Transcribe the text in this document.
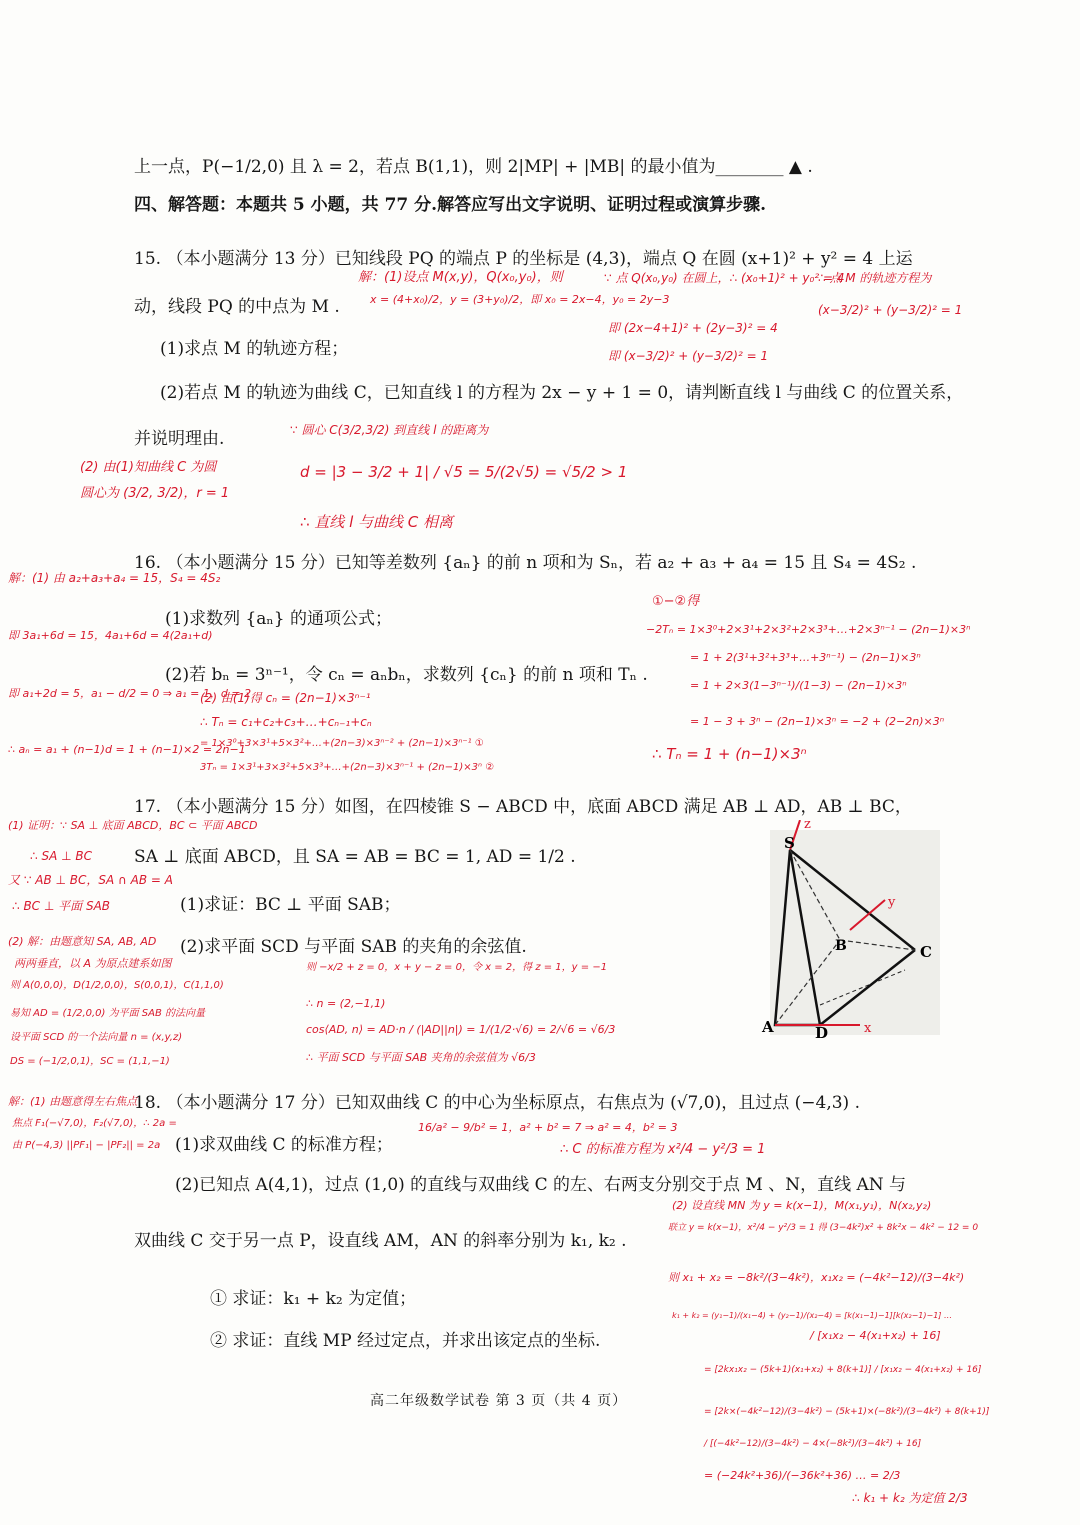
上一点，P(−1/2,0) 且 λ = 2，若点 B(1,1)，则 2|MP| + |MB| 的最小值为________ ▲ .
四、解答题：本题共 5 小题，共 77 分.解答应写出文字说明、证明过程或演算步骤.
15. （本小题满分 13 分）已知线段 PQ 的端点 P 的坐标是 (4,3)，端点 Q 在圆 (x+1)² + y² = 4 上运
动，线段 PQ 的中点为 M .
(1)求点 M 的轨迹方程；
(2)若点 M 的轨迹为曲线 C，已知直线 l 的方程为 2x − y + 1 = 0，请判断直线 l 与曲线 C 的位置关系，
并说明理由.
16. （本小题满分 15 分）已知等差数列 {aₙ} 的前 n 项和为 Sₙ，若 a₂ + a₃ + a₄ = 15 且 S₄ = 4S₂ .
(1)求数列 {aₙ} 的通项公式；
(2)若 bₙ = 3ⁿ⁻¹，令 cₙ = aₙbₙ，求数列 {cₙ} 的前 n 项和 Tₙ .
17. （本小题满分 15 分）如图，在四棱锥 S − ABCD 中，底面 ABCD 满足 AB ⊥ AD，AB ⊥ BC，
SA ⊥ 底面 ABCD，且 SA = AB = BC = 1, AD = 1/2 .
(1)求证：BC ⊥ 平面 SAB；
(2)求平面 SCD 与平面 SAB 的夹角的余弦值.
S
A
B	C
D
z
y
x
18. （本小题满分 17 分）已知双曲线 C 的中心为坐标原点，右焦点为 (√7,0)，且过点 (−4,3) .
(1)求双曲线 C 的标准方程；
(2)已知点 A(4,1)，过点 (1,0) 的直线与双曲线 C 的左、右两支分别交于点 M 、N，直线 AN 与
双曲线 C 交于另一点 P，设直线 AM，AN 的斜率分别为 k₁, k₂ .
① 求证：k₁ + k₂ 为定值；
② 求证：直线 MP 经过定点，并求出该定点的坐标.
高二年级数学试卷 第 3 页（共 4 页）
解：(1)设点 M(x,y)，Q(x₀,y₀)，则
x = (4+x₀)/2，y = (3+y₀)/2，即 x₀ = 2x−4，y₀ = 2y−3
∵ 点 Q(x₀,y₀) 在圆上，∴ (x₀+1)² + y₀² = 4
即 (2x−4+1)² + (2y−3)² = 4
即 (x−3/2)² + (y−3/2)² = 1
∴ 点 M 的轨迹方程为
(x−3/2)² + (y−3/2)² = 1
(2) 由(1)知曲线 C 为圆
圆心为 (3/2, 3/2)，r = 1
∵ 圆心 C(3/2,3/2) 到直线 l 的距离为
d = |3 − 3/2 + 1| / √5 = 5/(2√5) = √5/2 > 1
∴ 直线 l 与曲线 C 相离
解：(1) 由 a₂+a₃+a₄ = 15，S₄ = 4S₂
即 3a₁+6d = 15，4a₁+6d = 4(2a₁+d)
即 a₁+2d = 5，a₁ − d/2 = 0 ⇒ a₁ = 1，d = 2
∴ aₙ = a₁ + (n−1)d = 1 + (n−1)×2 = 2n−1
(2) 由(1)得 cₙ = (2n−1)×3ⁿ⁻¹
∴ Tₙ = c₁+c₂+c₃+…+cₙ₋₁+cₙ
= 1×3⁰+3×3¹+5×3²+…+(2n−3)×3ⁿ⁻² + (2n−1)×3ⁿ⁻¹ ①
3Tₙ = 1×3¹+3×3²+5×3³+…+(2n−3)×3ⁿ⁻¹ + (2n−1)×3ⁿ ②
①−②得
−2Tₙ = 1×3⁰+2×3¹+2×3²+2×3³+…+2×3ⁿ⁻¹ − (2n−1)×3ⁿ
= 1 + 2(3¹+3²+3³+…+3ⁿ⁻¹) − (2n−1)×3ⁿ
= 1 + 2×3(1−3ⁿ⁻¹)/(1−3) − (2n−1)×3ⁿ
= 1 − 3 + 3ⁿ − (2n−1)×3ⁿ = −2 + (2−2n)×3ⁿ
∴ Tₙ = 1 + (n−1)×3ⁿ
(1) 证明：∵ SA ⊥ 底面 ABCD，BC ⊂ 平面 ABCD
∴ SA ⊥ BC
又 ∵ AB ⊥ BC，SA ∩ AB = A
∴ BC ⊥ 平面 SAB
(2) 解：由题意知 SA, AB, AD
两两垂直，以 A 为原点建系如图
则 A(0,0,0)，D(1/2,0,0)，S(0,0,1)，C(1,1,0)
易知 AD = (1/2,0,0) 为平面 SAB 的法向量
设平面 SCD 的一个法向量 n = (x,y,z)
DS = (−1/2,0,1)，SC = (1,1,−1)
则 −x/2 + z = 0，x + y − z = 0，令 x = 2，得 z = 1，y = −1
∴ n = (2,−1,1)
cos⟨AD, n⟩ = AD·n / (|AD||n|) = 1/(1/2·√6) = 2/√6 = √6/3
∴ 平面 SCD 与平面 SAB 夹角的余弦值为 √6/3
解：(1) 由题意得左右焦点
焦点 F₁(−√7,0)，F₂(√7,0)，∴ 2a =
由 P(−4,3) ||PF₁| − |PF₂|| = 2a
16/a² − 9/b² = 1，a² + b² = 7 ⇒ a² = 4，b² = 3
∴ C 的标准方程为 x²/4 − y²/3 = 1
(2) 设直线 MN 为 y = k(x−1)，M(x₁,y₁)，N(x₂,y₂)
联立 y = k(x−1)，x²/4 − y²/3 = 1 得 (3−4k²)x² + 8k²x − 4k² − 12 = 0
则 x₁ + x₂ = −8k²/(3−4k²)，x₁x₂ = (−4k²−12)/(3−4k²)
k₁ + k₂ = (y₁−1)/(x₁−4) + (y₂−1)/(x₂−4) = [k(x₁−1)−1][k(x₂−1)−1] …
/ [x₁x₂ − 4(x₁+x₂) + 16]
= [2kx₁x₂ − (5k+1)(x₁+x₂) + 8(k+1)] / [x₁x₂ − 4(x₁+x₂) + 16]
= [2k×(−4k²−12)/(3−4k²) − (5k+1)×(−8k²)/(3−4k²) + 8(k+1)]
/ [(−4k²−12)/(3−4k²) − 4×(−8k²)/(3−4k²) + 16]
= (−24k²+36)/(−36k²+36) … = 2/3
∴ k₁ + k₂ 为定值 2/3
